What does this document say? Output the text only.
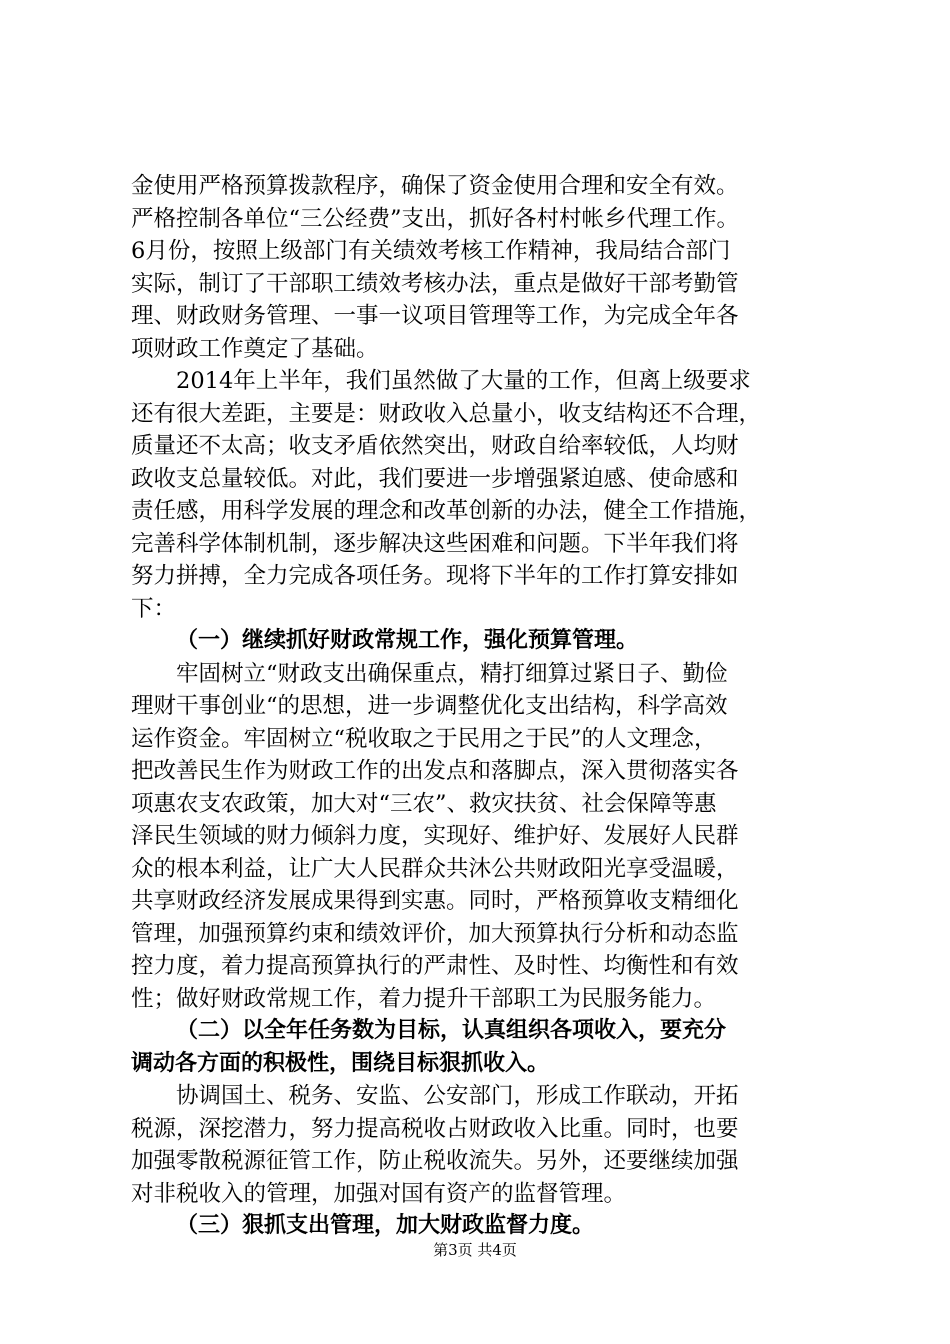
金使用严格预算拨款程序，确保了资金使用合理和安全有效。
严格控制各单位“三公经费”支出，抓好各村村帐乡代理工作。
6月份，按照上级部门有关绩效考核工作精神，我局结合部门
实际，制订了干部职工绩效考核办法，重点是做好干部考勤管
理、财政财务管理、一事一议项目管理等工作，为完成全年各
项财政工作奠定了基础。
2014年上半年，我们虽然做了大量的工作，但离上级要求
还有很大差距，主要是：财政收入总量小，收支结构还不合理，
质量还不太高；收支矛盾依然突出，财政自给率较低，人均财
政收支总量较低。对此，我们要进一步增强紧迫感、使命感和
责任感，用科学发展的理念和改革创新的办法，健全工作措施，
完善科学体制机制，逐步解决这些困难和问题。下半年我们将
努力拼搏，全力完成各项任务。现将下半年的工作打算安排如
下：
（一）继续抓好财政常规工作，强化预算管理。
牢固树立“财政支出确保重点，精打细算过紧日子、勤俭
理财干事创业“的思想，进一步调整优化支出结构，科学高效
运作资金。牢固树立“税收取之于民用之于民”的人文理念，
把改善民生作为财政工作的出发点和落脚点，深入贯彻落实各
项惠农支农政策，加大对“三农”、救灾扶贫、社会保障等惠
泽民生领域的财力倾斜力度，实现好、维护好、发展好人民群
众的根本利益，让广大人民群众共沐公共财政阳光享受温暖，
共享财政经济发展成果得到实惠。同时，严格预算收支精细化
管理，加强预算约束和绩效评价，加大预算执行分析和动态监
控力度，着力提高预算执行的严肃性、及时性、均衡性和有效
性；做好财政常规工作，着力提升干部职工为民服务能力。
（二）以全年任务数为目标，认真组织各项收入，要充分
调动各方面的积极性，围绕目标狠抓收入。
协调国土、税务、安监、公安部门，形成工作联动，开拓
税源，深挖潜力，努力提高税收占财政收入比重。同时，也要
加强零散税源征管工作，防止税收流失。另外，还要继续加强
对非税收入的管理，加强对国有资产的监督管理。
（三）狠抓支出管理，加大财政监督力度。
第3页 共4页
